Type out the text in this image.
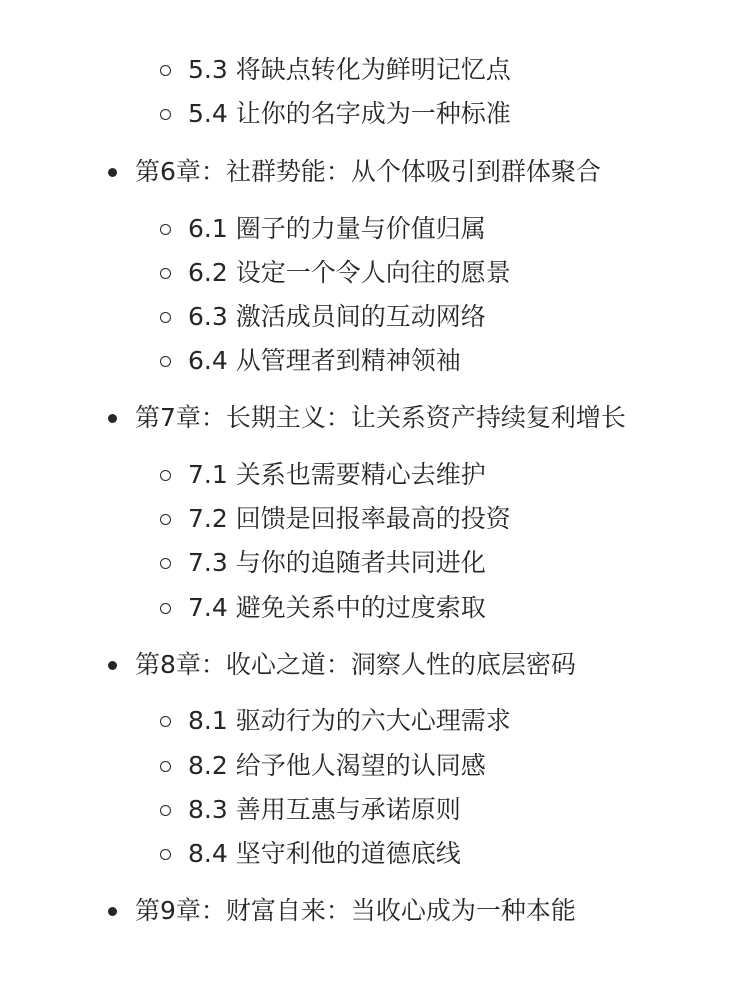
5.3 将缺点转化为鲜明记忆点
5.4 让你的名字成为一种标准
第6章：社群势能：从个体吸引到群体聚合
6.1 圈子的力量与价值归属
6.2 设定一个令人向往的愿景
6.3 激活成员间的互动网络
6.4 从管理者到精神领袖
第7章：长期主义：让关系资产持续复利增长
7.1 关系也需要精心去维护
7.2 回馈是回报率最高的投资
7.3 与你的追随者共同进化
7.4 避免关系中的过度索取
第8章：收心之道：洞察人性的底层密码
8.1 驱动行为的六大心理需求
8.2 给予他人渴望的认同感
8.3 善用互惠与承诺原则
8.4 坚守利他的道德底线
第9章：财富自来：当收心成为一种本能
